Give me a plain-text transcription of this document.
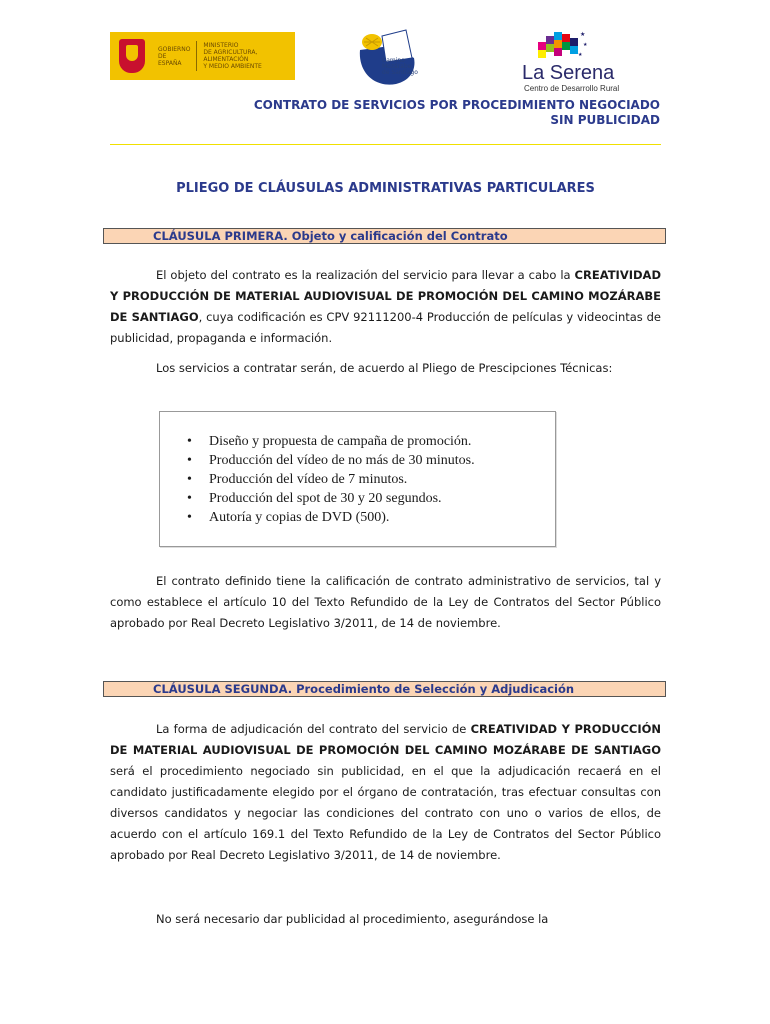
GOBIERNO
DE ESPAÑA
MINISTERIO
DE AGRICULTURA, ALIMENTACIÓN
Y MEDIO AMBIENTE
Camino
Mozárabe
de Santiago
★
★
★
La Serena
Centro de Desarrollo Rural
CONTRATO DE SERVICIOS POR PROCEDIMIENTO NEGOCIADO
SIN PUBLICIDAD
PLIEGO DE CLÁUSULAS ADMINISTRATIVAS PARTICULARES
CLÁUSULA PRIMERA. Objeto y calificación del Contrato
El objeto del contrato es la realización del servicio para llevar a cabo la CREATIVIDAD Y PRODUCCIÓN DE MATERIAL AUDIOVISUAL DE PROMOCIÓN DEL CAMINO MOZÁRABE DE SANTIAGO, cuya codificación es CPV 92111200-4 Producción de películas y videocintas de publicidad, propaganda e información.
Los servicios a contratar serán, de acuerdo al Pliego de Prescipciones Técnicas:
• Diseño y propuesta de campaña de promoción.
• Producción del vídeo de no más de 30 minutos.
• Producción del vídeo de 7 minutos.
• Producción del spot de 30 y 20 segundos.
• Autoría y copias de DVD (500).
El contrato definido tiene la calificación de contrato administrativo de servicios, tal y como establece el artículo 10 del Texto Refundido de la Ley de Contratos del Sector Público aprobado por Real Decreto Legislativo 3/2011, de 14 de noviembre.
CLÁUSULA SEGUNDA. Procedimiento de Selección y Adjudicación
La forma de adjudicación del contrato del servicio de CREATIVIDAD Y PRODUCCIÓN DE MATERIAL AUDIOVISUAL DE PROMOCIÓN DEL CAMINO MOZÁRABE DE SANTIAGO será el procedimiento negociado sin publicidad, en el que la adjudicación recaerá en el candidato justificadamente elegido por el órgano de contratación, tras efectuar consultas con diversos candidatos y negociar las condiciones del contrato con uno o varios de ellos, de acuerdo con el artículo 169.1 del Texto Refundido de la Ley de Contratos del Sector Público aprobado por Real Decreto Legislativo 3/2011, de 14 de noviembre.
No será necesario dar publicidad al procedimiento, asegurándose la
